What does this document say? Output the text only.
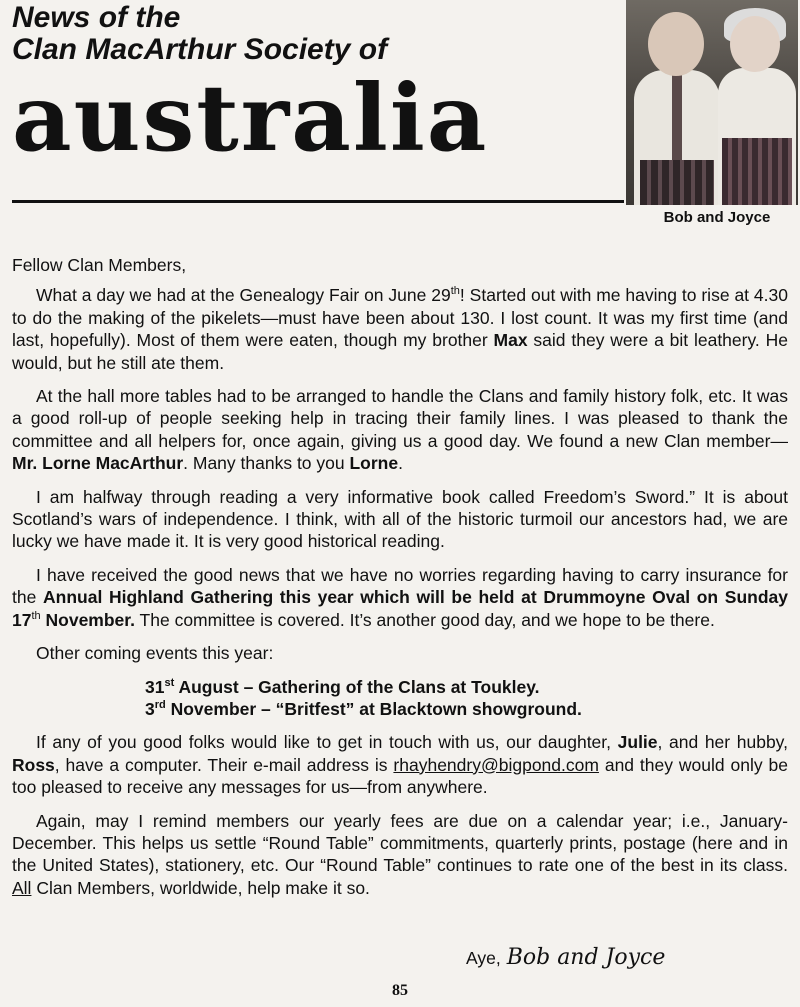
News of the
Clan MacArthur Society of
australia
Bob and Joyce

Fellow Clan Members,

What a day we had at the Genealogy Fair on June 29th! Started out with me having to rise at 4.30 to do the making of the pikelets—must have been about 130. I lost count. It was my first time (and last, hopefully). Most of them were eaten, though my brother Max said they were a bit leathery. He would, but he still ate them.

At the hall more tables had to be arranged to handle the Clans and family history folk, etc. It was a good roll-up of people seeking help in tracing their family lines. I was pleased to thank the committee and all helpers for, once again, giving us a good day. We found a new Clan member—Mr. Lorne MacArthur. Many thanks to you Lorne.

I am halfway through reading a very informative book called Freedom’s Sword.” It is about Scotland’s wars of independence. I think, with all of the historic turmoil our ancestors had, we are lucky we have made it. It is very good historical reading.

I have received the good news that we have no worries regarding having to carry insurance for the Annual Highland Gathering this year which will be held at Drummoyne Oval on Sunday 17th November. The committee is covered. It’s another good day, and we hope to be there.

Other coming events this year:

31st August – Gathering of the Clans at Toukley.
3rd November – “Britfest” at Blacktown showground.

If any of you good folks would like to get in touch with us, our daughter, Julie, and her hubby, Ross, have a computer. Their e-mail address is rhayhendry@bigpond.com and they would only be too pleased to receive any messages for us—from anywhere.

Again, may I remind members our yearly fees are due on a calendar year; i.e., January-December. This helps us settle “Round Table” commitments, quarterly prints, postage (here and in the United States), stationery, etc. Our “Round Table” continues to rate one of the best in its class. All Clan Members, worldwide, help make it so.

Aye, Bob and Joyce
85
